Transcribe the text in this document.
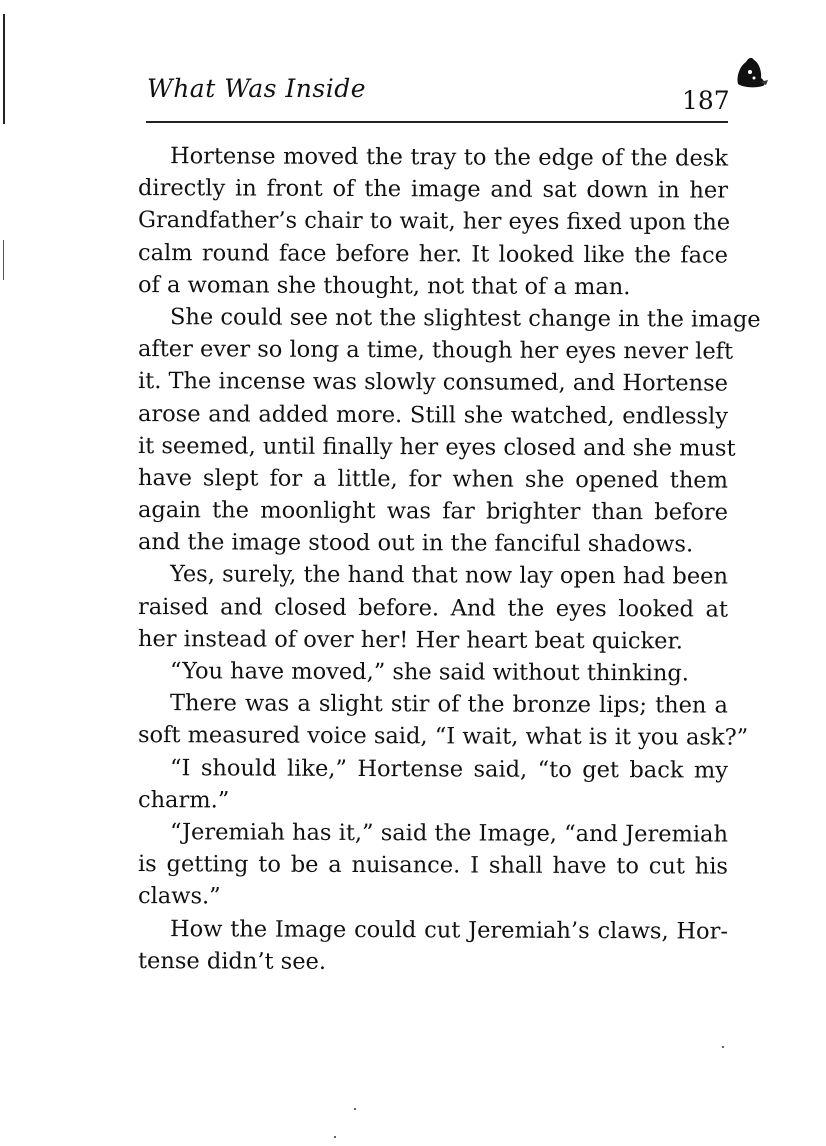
What Was Inside	187
Hortense moved the tray to the edge of the desk
directly in front of the image and sat down in her
Grandfather’s chair to wait, her eyes fixed upon the
calm round face before her. It looked like the face
of a woman she thought, not that of a man.
She could see not the slightest change in the image
after ever so long a time, though her eyes never left
it. The incense was slowly consumed, and Hortense
arose and added more. Still she watched, endlessly
it seemed, until finally her eyes closed and she must
have slept for a little, for when she opened them
again the moonlight was far brighter than before
and the image stood out in the fanciful shadows.
Yes, surely, the hand that now lay open had been
raised and closed before. And the eyes looked at
her instead of over her! Her heart beat quicker.
“You have moved,” she said without thinking.
There was a slight stir of the bronze lips; then a
soft measured voice said, “I wait, what is it you ask?”
“I should like,” Hortense said, “to get back my
charm.”
“Jeremiah has it,” said the Image, “and Jeremiah
is getting to be a nuisance. I shall have to cut his
claws.”
How the Image could cut Jeremiah’s claws, Hor-
tense didn’t see.
